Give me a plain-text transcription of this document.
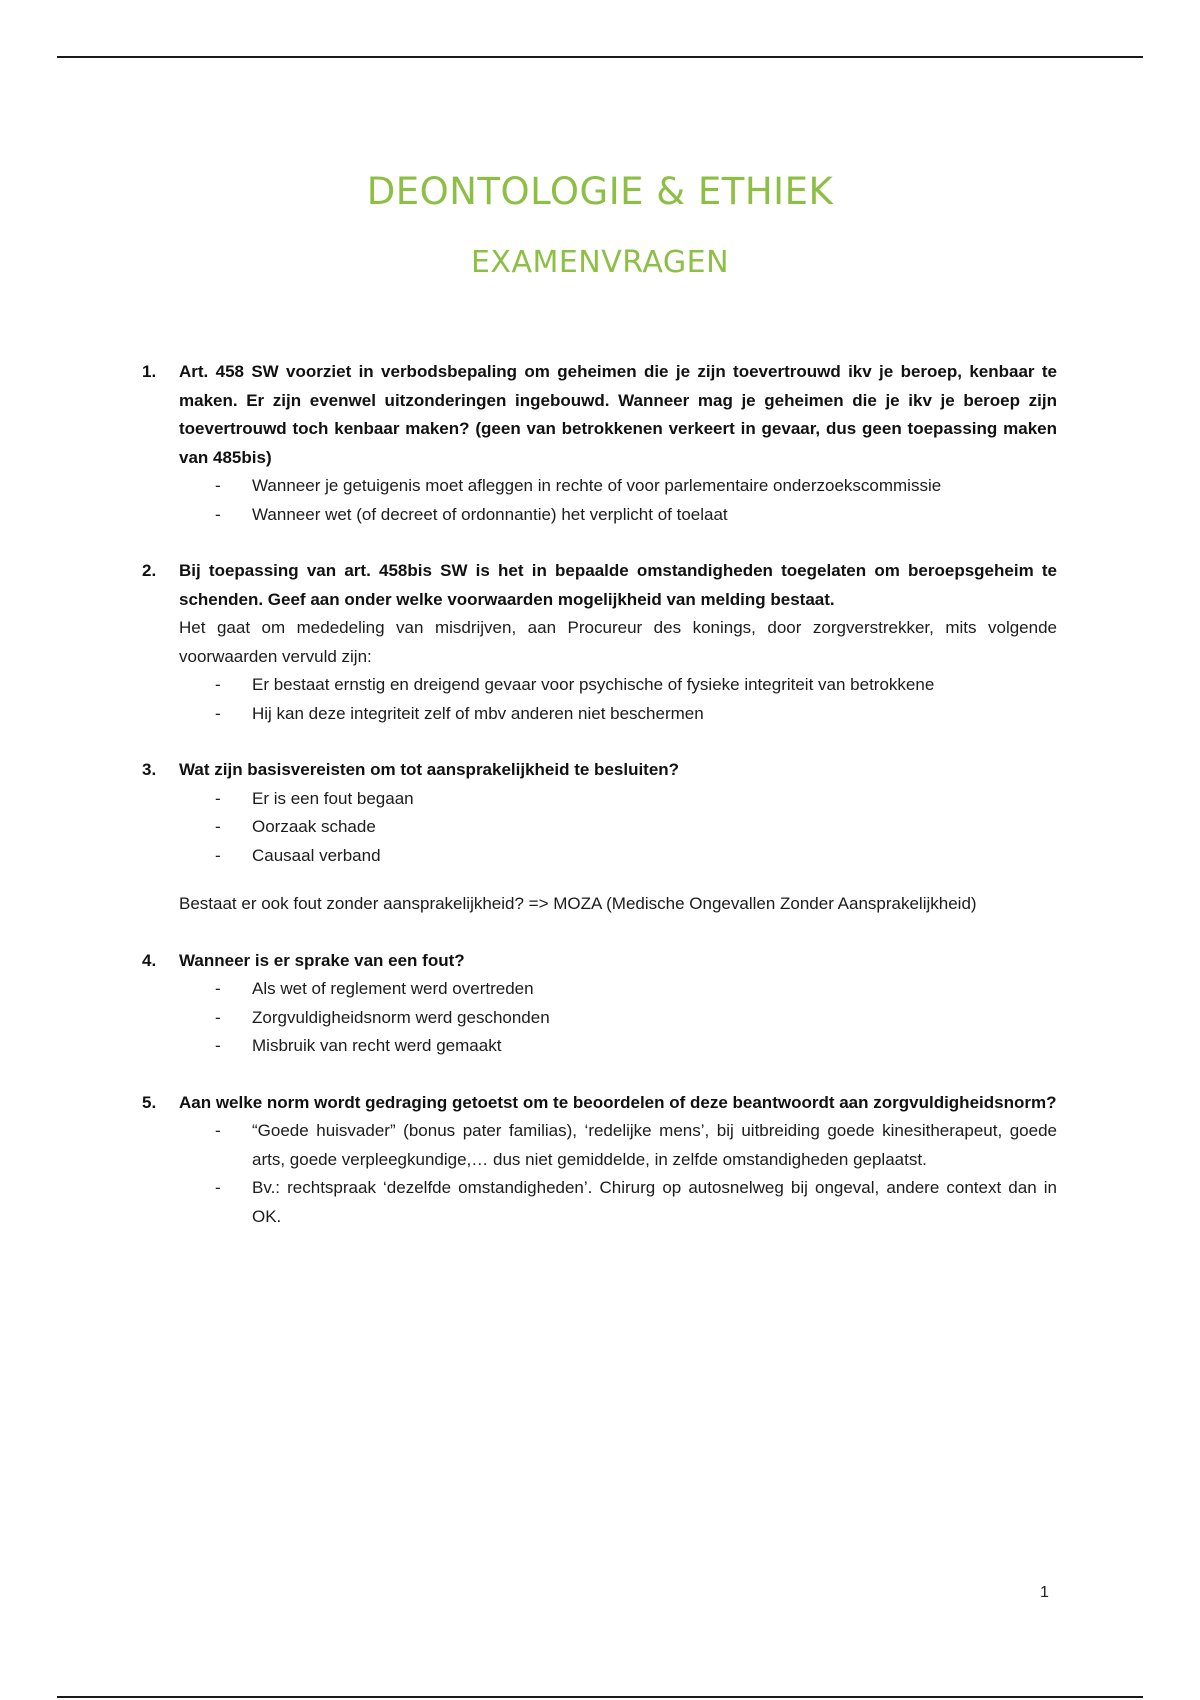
DEONTOLOGIE & ETHIEK
EXAMENVRAGEN
1. Art. 458 SW voorziet in verbodsbepaling om geheimen die je zijn toevertrouwd ikv je beroep, kenbaar te maken. Er zijn evenwel uitzonderingen ingebouwd. Wanneer mag je geheimen die je ikv je beroep zijn toevertrouwd toch kenbaar maken? (geen van betrokkenen verkeert in gevaar, dus geen toepassing maken van 485bis)
- Wanneer je getuigenis moet afleggen in rechte of voor parlementaire onderzoekscommissie
- Wanneer wet (of decreet of ordonnantie) het verplicht of toelaat
2. Bij toepassing van art. 458bis SW is het in bepaalde omstandigheden toegelaten om beroepsgeheim te schenden. Geef aan onder welke voorwaarden mogelijkheid van melding bestaat.
Het gaat om mededeling van misdrijven, aan Procureur des konings, door zorgverstrekker, mits volgende voorwaarden vervuld zijn:
- Er bestaat ernstig en dreigend gevaar voor psychische of fysieke integriteit van betrokkene
- Hij kan deze integriteit zelf of mbv anderen niet beschermen
3. Wat zijn basisvereisten om tot aansprakelijkheid te besluiten?
- Er is een fout begaan
- Oorzaak schade
- Causaal verband
Bestaat er ook fout zonder aansprakelijkheid? => MOZA (Medische Ongevallen Zonder Aansprakelijkheid)
4. Wanneer is er sprake van een fout?
- Als wet of reglement werd overtreden
- Zorgvuldigheidsnorm werd geschonden
- Misbruik van recht werd gemaakt
5. Aan welke norm wordt gedraging getoetst om te beoordelen of deze beantwoordt aan zorgvuldigheidsnorm?
- “Goede huisvader” (bonus pater familias), ‘redelijke mens’, bij uitbreiding goede kinesitherapeut, goede arts, goede verpleegkundige,… dus niet gemiddelde, in zelfde omstandigheden geplaatst.
- Bv.: rechtspraak ‘dezelfde omstandigheden’. Chirurg op autosnelweg bij ongeval, andere context dan in OK.
1
